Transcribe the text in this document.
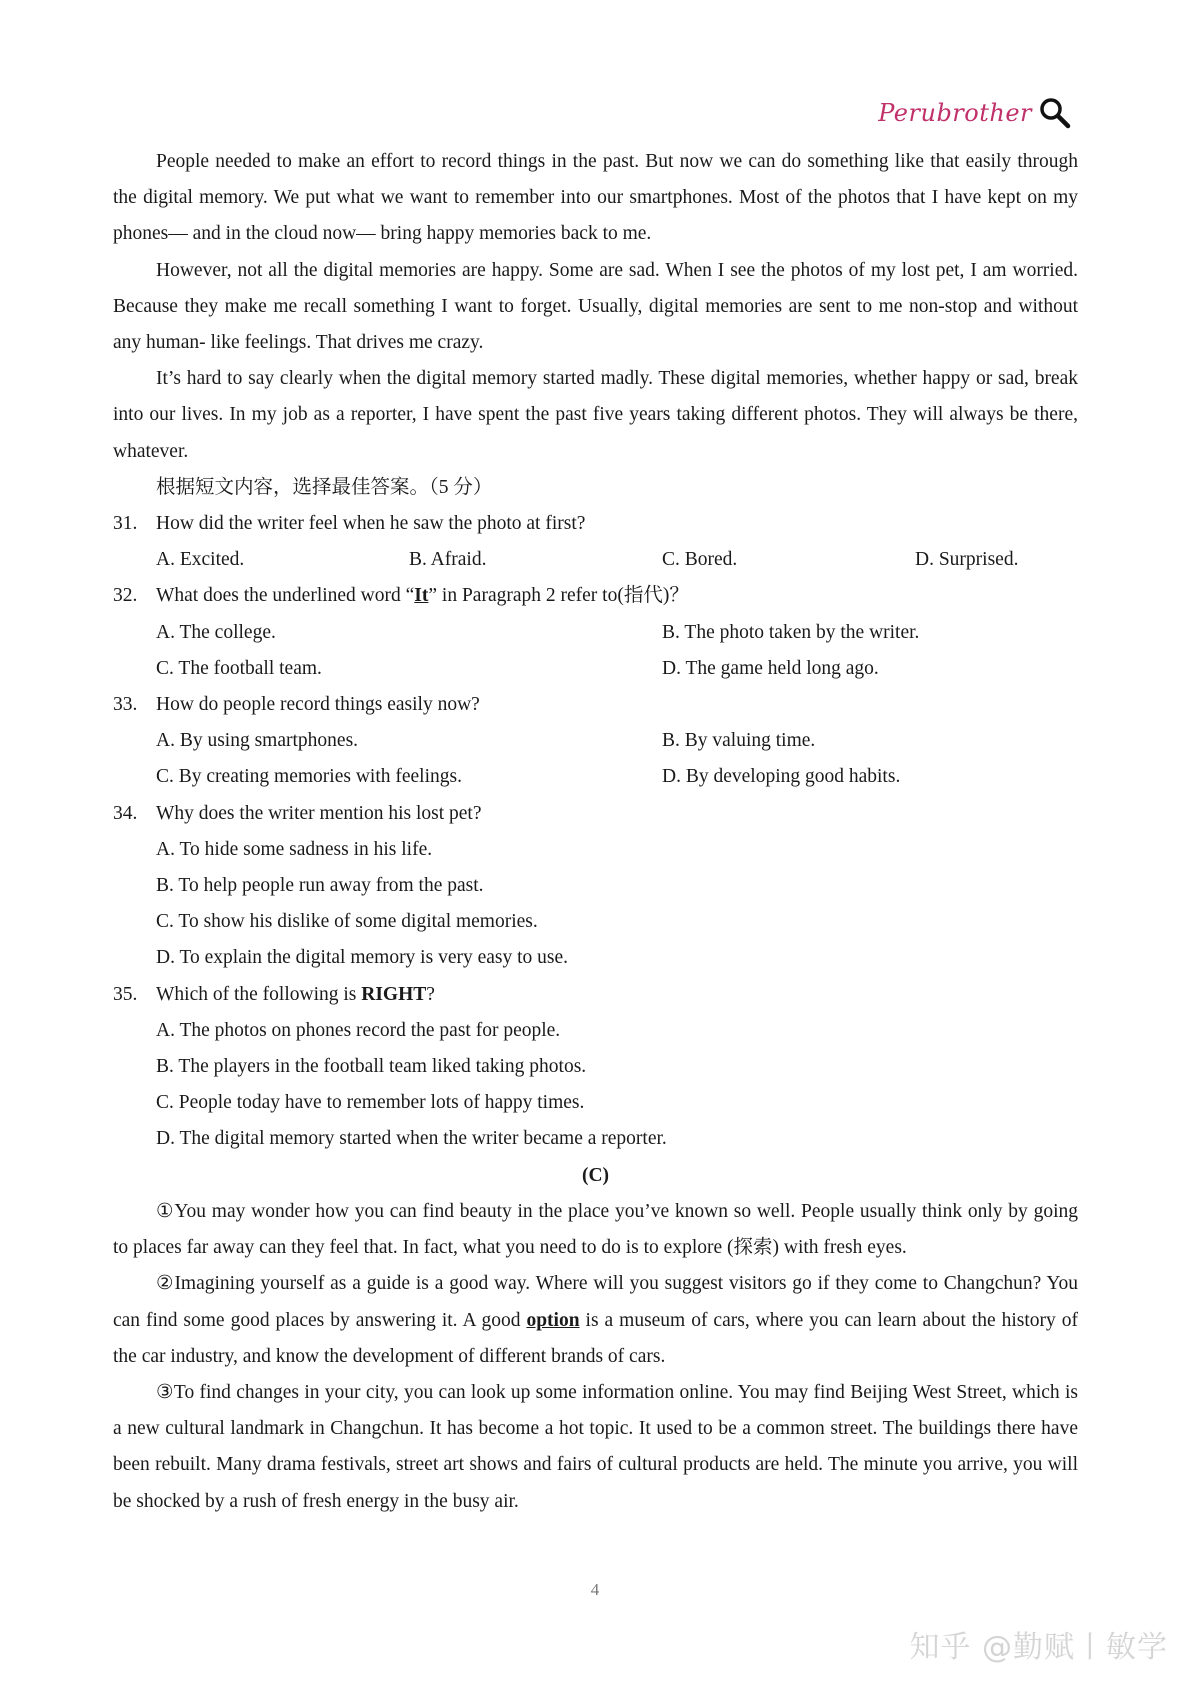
Perubrother

People needed to make an effort to record things in the past. But now we can do something like that easily through the digital memory. We put what we want to remember into our smartphones. Most of the photos that I have kept on my phones— and in the cloud now— bring happy memories back to me.

However, not all the digital memories are happy. Some are sad. When I see the photos of my lost pet, I am worried. Because they make me recall something I want to forget. Usually, digital memories are sent to me non-stop and without any human- like feelings. That drives me crazy.

It’s hard to say clearly when the digital memory started madly. These digital memories, whether happy or sad, break into our lives. In my job as a reporter, I have spent the past five years taking different photos. They will always be there, whatever.

根据短文内容，选择最佳答案。（5 分）

31. How did the writer feel when he saw the photo at first?
A. Excited.	B. Afraid.	C. Bored.	D. Surprised.
32. What does the underlined word “It” in Paragraph 2 refer to(指代)？
A. The college.	B. The photo taken by the writer.
C. The football team.	D. The game held long ago.
33. How do people record things easily now?
A. By using smartphones.	B. By valuing time.
C. By creating memories with feelings.	D. By developing good habits.
34. Why does the writer mention his lost pet?
A. To hide some sadness in his life.
B. To help people run away from the past.
C. To show his dislike of some digital memories.
D. To explain the digital memory is very easy to use.
35. Which of the following is RIGHT?
A. The photos on phones record the past for people.
B. The players in the football team liked taking photos.
C. People today have to remember lots of happy times.
D. The digital memory started when the writer became a reporter.
(C)

①You may wonder how you can find beauty in the place you’ve known so well. People usually think only by going to places far away can they feel that. In fact, what you need to do is to explore (探索) with fresh eyes.

②Imagining yourself as a guide is a good way. Where will you suggest visitors go if they come to Changchun? You can find some good places by answering it. A good option is a museum of cars, where you can learn about the history of the car industry, and know the development of different brands of cars.

③To find changes in your city, you can look up some information online. You may find Beijing West Street, which is a new cultural landmark in Changchun. It has become a hot topic. It used to be a common street. The buildings there have been rebuilt. Many drama festivals, street art shows and fairs of cultural products are held. The minute you arrive, you will be shocked by a rush of fresh energy in the busy air.

4
知乎 @勤赋丨敏学
